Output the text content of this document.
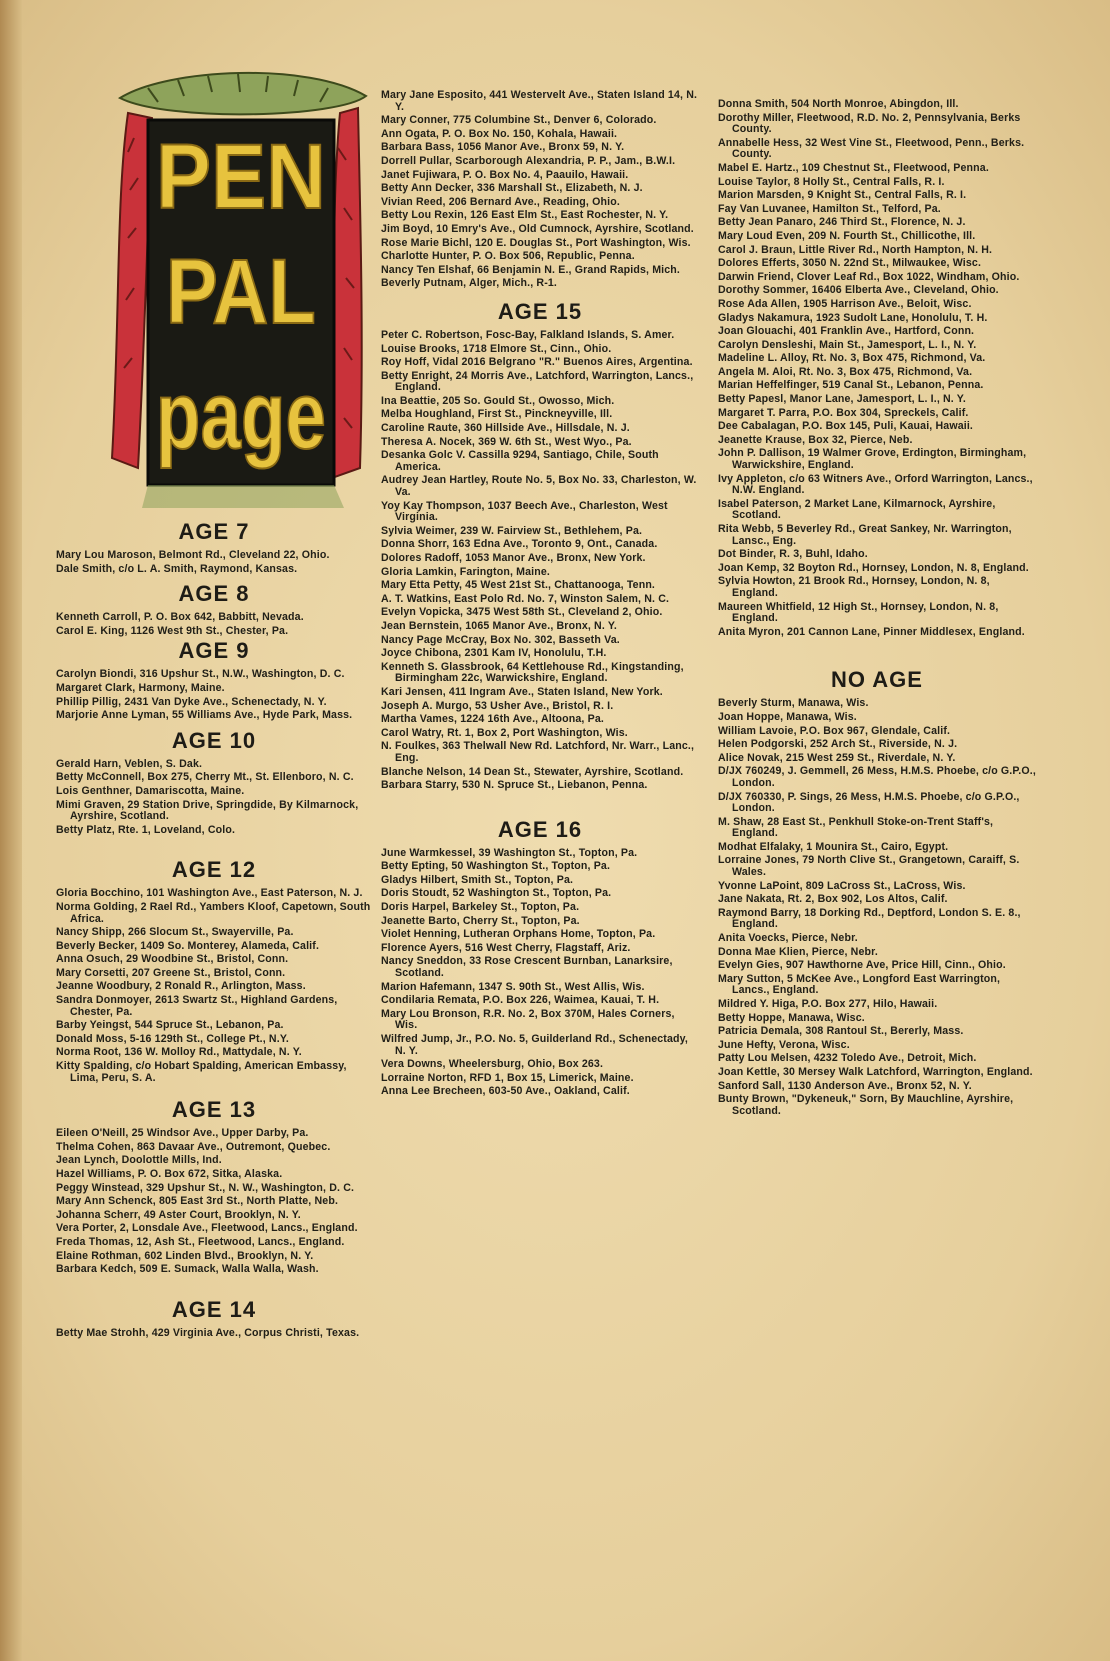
PEN
PAL
page
AGE 7
Mary Lou Maroson, Belmont Rd., Cleveland 22, Ohio.
Dale Smith, c/o L. A. Smith, Raymond, Kansas.
AGE 8
Kenneth Carroll, P. O. Box 642, Babbitt, Nevada.
Carol E. King, 1126 West 9th St., Chester, Pa.
AGE 9
Carolyn Biondi, 316 Upshur St., N.W., Washington, D. C.
Margaret Clark, Harmony, Maine.
Phillip Pillig, 2431 Van Dyke Ave., Schenectady, N. Y.
Marjorie Anne Lyman, 55 Williams Ave., Hyde Park, Mass.
AGE 10
Gerald Harn, Veblen, S. Dak.
Betty McConnell, Box 275, Cherry Mt., St. Ellenboro, N. C.
Lois Genthner, Damariscotta, Maine.
Mimi Graven, 29 Station Drive, Springdide, By Kilmarnock, Ayrshire, Scotland.
Betty Platz, Rte. 1, Loveland, Colo.
AGE 12
Gloria Bocchino, 101 Washington Ave., East Paterson, N. J.
Norma Golding, 2 Rael Rd., Yambers Kloof, Capetown, South Africa.
Nancy Shipp, 266 Slocum St., Swayerville, Pa.
Beverly Becker, 1409 So. Monterey, Alameda, Calif.
Anna Osuch, 29 Woodbine St., Bristol, Conn.
Mary Corsetti, 207 Greene St., Bristol, Conn.
Jeanne Woodbury, 2 Ronald R., Arlington, Mass.
Sandra Donmoyer, 2613 Swartz St., Highland Gardens, Chester, Pa.
Barby Yeingst, 544 Spruce St., Lebanon, Pa.
Donald Moss, 5-16 129th St., College Pt., N.Y.
Norma Root, 136 W. Molloy Rd., Mattydale, N. Y.
Kitty Spalding, c/o Hobart Spalding, American Embassy, Lima, Peru, S. A.
AGE 13
Eileen O'Neill, 25 Windsor Ave., Upper Darby, Pa.
Thelma Cohen, 863 Davaar Ave., Outremont, Quebec.
Jean Lynch, Doolottle Mills, Ind.
Hazel Williams, P. O. Box 672, Sitka, Alaska.
Peggy Winstead, 329 Upshur St., N. W., Washington, D. C.
Mary Ann Schenck, 805 East 3rd St., North Platte, Neb.
Johanna Scherr, 49 Aster Court, Brooklyn, N. Y.
Vera Porter, 2, Lonsdale Ave., Fleetwood, Lancs., England.
Freda Thomas, 12, Ash St., Fleetwood, Lancs., England.
Elaine Rothman, 602 Linden Blvd., Brooklyn, N. Y.
Barbara Kedch, 509 E. Sumack, Walla Walla, Wash.
AGE 14
Betty Mae Strohh, 429 Virginia Ave., Corpus Christi, Texas.
Mary Jane Esposito, 441 Westervelt Ave., Staten Island 14, N. Y.
Mary Conner, 775 Columbine St., Denver 6, Colorado.
Ann Ogata, P. O. Box No. 150, Kohala, Hawaii.
Barbara Bass, 1056 Manor Ave., Bronx 59, N. Y.
Dorrell Pullar, Scarborough Alexandria, P. P., Jam., B.W.I.
Janet Fujiwara, P. O. Box No. 4, Paauilo, Hawaii.
Betty Ann Decker, 336 Marshall St., Elizabeth, N. J.
Vivian Reed, 206 Bernard Ave., Reading, Ohio.
Betty Lou Rexin, 126 East Elm St., East Rochester, N. Y.
Jim Boyd, 10 Emry's Ave., Old Cumnock, Ayrshire, Scotland.
Rose Marie Bichl, 120 E. Douglas St., Port Washington, Wis.
Charlotte Hunter, P. O. Box 506, Republic, Penna.
Nancy Ten Elshaf, 66 Benjamin N. E., Grand Rapids, Mich.
Beverly Putnam, Alger, Mich., R-1.
AGE 15
Peter C. Robertson, Fosc-Bay, Falkland Islands, S. Amer.
Louise Brooks, 1718 Elmore St., Cinn., Ohio.
Roy Hoff, Vidal 2016 Belgrano "R." Buenos Aires, Argentina.
Betty Enright, 24 Morris Ave., Latchford, Warrington, Lancs., England.
Ina Beattie, 205 So. Gould St., Owosso, Mich.
Melba Houghland, First St., Pinckneyville, Ill.
Caroline Raute, 360 Hillside Ave., Hillsdale, N. J.
Theresa A. Nocek, 369 W. 6th St., West Wyo., Pa.
Desanka Golc V. Cassilla 9294, Santiago, Chile, South America.
Audrey Jean Hartley, Route No. 5, Box No. 33, Charleston, W. Va.
Yoy Kay Thompson, 1037 Beech Ave., Charleston, West Virginia.
Sylvia Weimer, 239 W. Fairview St., Bethlehem, Pa.
Donna Shorr, 163 Edna Ave., Toronto 9, Ont., Canada.
Dolores Radoff, 1053 Manor Ave., Bronx, New York.
Gloria Lamkin, Farington, Maine.
Mary Etta Petty, 45 West 21st St., Chattanooga, Tenn.
A. T. Watkins, East Polo Rd. No. 7, Winston Salem, N. C.
Evelyn Vopicka, 3475 West 58th St., Cleveland 2, Ohio.
Jean Bernstein, 1065 Manor Ave., Bronx, N. Y.
Nancy Page McCray, Box No. 302, Basseth Va.
Joyce Chibona, 2301 Kam IV, Honolulu, T.H.
Kenneth S. Glassbrook, 64 Kettlehouse Rd., Kingstanding, Birmingham 22c, Warwickshire, England.
Kari Jensen, 411 Ingram Ave., Staten Island, New York.
Joseph A. Murgo, 53 Usher Ave., Bristol, R. I.
Martha Vames, 1224 16th Ave., Altoona, Pa.
Carol Watry, Rt. 1, Box 2, Port Washington, Wis.
N. Foulkes, 363 Thelwall New Rd. Latchford, Nr. Warr., Lanc., Eng.
Blanche Nelson, 14 Dean St., Stewater, Ayrshire, Scotland.
Barbara Starry, 530 N. Spruce St., Liebanon, Penna.
AGE 16
June Warmkessel, 39 Washington St., Topton, Pa.
Betty Epting, 50 Washington St., Topton, Pa.
Gladys Hilbert, Smith St., Topton, Pa.
Doris Stoudt, 52 Washington St., Topton, Pa.
Doris Harpel, Barkeley St., Topton, Pa.
Jeanette Barto, Cherry St., Topton, Pa.
Violet Henning, Lutheran Orphans Home, Topton, Pa.
Florence Ayers, 516 West Cherry, Flagstaff, Ariz.
Nancy Sneddon, 33 Rose Crescent Burnban, Lanarksire, Scotland.
Marion Hafemann, 1347 S. 90th St., West Allis, Wis.
Condilaria Remata, P.O. Box 226, Waimea, Kauai, T. H.
Mary Lou Bronson, R.R. No. 2, Box 370M, Hales Corners, Wis.
Wilfred Jump, Jr., P.O. No. 5, Guilderland Rd., Schenectady, N. Y.
Vera Downs, Wheelersburg, Ohio, Box 263.
Lorraine Norton, RFD 1, Box 15, Limerick, Maine.
Anna Lee Brecheen, 603-50 Ave., Oakland, Calif.
Donna Smith, 504 North Monroe, Abingdon, Ill.
Dorothy Miller, Fleetwood, R.D. No. 2, Pennsylvania, Berks County.
Annabelle Hess, 32 West Vine St., Fleetwood, Penn., Berks. County.
Mabel E. Hartz., 109 Chestnut St., Fleetwood, Penna.
Louise Taylor, 8 Holly St., Central Falls, R. I.
Marion Marsden, 9 Knight St., Central Falls, R. I.
Fay Van Luvanee, Hamilton St., Telford, Pa.
Betty Jean Panaro, 246 Third St., Florence, N. J.
Mary Loud Even, 209 N. Fourth St., Chillicothe, Ill.
Carol J. Braun, Little River Rd., North Hampton, N. H.
Dolores Efferts, 3050 N. 22nd St., Milwaukee, Wisc.
Darwin Friend, Clover Leaf Rd., Box 1022, Windham, Ohio.
Dorothy Sommer, 16406 Elberta Ave., Cleveland, Ohio.
Rose Ada Allen, 1905 Harrison Ave., Beloit, Wisc.
Gladys Nakamura, 1923 Sudolt Lane, Honolulu, T. H.
Joan Glouachi, 401 Franklin Ave., Hartford, Conn.
Carolyn Densleshi, Main St., Jamesport, L. I., N. Y.
Madeline L. Alloy, Rt. No. 3, Box 475, Richmond, Va.
Angela M. Aloi, Rt. No. 3, Box 475, Richmond, Va.
Marian Heffelfinger, 519 Canal St., Lebanon, Penna.
Betty Papesl, Manor Lane, Jamesport, L. I., N. Y.
Margaret T. Parra, P.O. Box 304, Spreckels, Calif.
Dee Cabalagan, P.O. Box 145, Puli, Kauai, Hawaii.
Jeanette Krause, Box 32, Pierce, Neb.
John P. Dallison, 19 Walmer Grove, Erdington, Birmingham, Warwickshire, England.
Ivy Appleton, c/o 63 Witners Ave., Orford Warrington, Lancs., N.W. England.
Isabel Paterson, 2 Market Lane, Kilmarnock, Ayrshire, Scotland.
Rita Webb, 5 Beverley Rd., Great Sankey, Nr. Warrington, Lansc., Eng.
Dot Binder, R. 3, Buhl, Idaho.
Joan Kemp, 32 Boyton Rd., Hornsey, London, N. 8, England.
Sylvia Howton, 21 Brook Rd., Hornsey, London, N. 8, England.
Maureen Whitfield, 12 High St., Hornsey, London, N. 8, England.
Anita Myron, 201 Cannon Lane, Pinner Middlesex, England.
NO AGE
Beverly Sturm, Manawa, Wis.
Joan Hoppe, Manawa, Wis.
William Lavoie, P.O. Box 967, Glendale, Calif.
Helen Podgorski, 252 Arch St., Riverside, N. J.
Alice Novak, 215 West 259 St., Riverdale, N. Y.
D/JX 760249, J. Gemmell, 26 Mess, H.M.S. Phoebe, c/o G.P.O., London.
D/JX 760330, P. Sings, 26 Mess, H.M.S. Phoebe, c/o G.P.O., London.
M. Shaw, 28 East St., Penkhull Stoke-on-Trent Staff's, England.
Modhat Elfalaky, 1 Mounira St., Cairo, Egypt.
Lorraine Jones, 79 North Clive St., Grangetown, Caraiff, S. Wales.
Yvonne LaPoint, 809 LaCross St., LaCross, Wis.
Jane Nakata, Rt. 2, Box 902, Los Altos, Calif.
Raymond Barry, 18 Dorking Rd., Deptford, London S. E. 8., England.
Anita Voecks, Pierce, Nebr.
Donna Mae Klien, Pierce, Nebr.
Evelyn Gies, 907 Hawthorne Ave, Price Hill, Cinn., Ohio.
Mary Sutton, 5 McKee Ave., Longford East Warrington, Lancs., England.
Mildred Y. Higa, P.O. Box 277, Hilo, Hawaii.
Betty Hoppe, Manawa, Wisc.
Patricia Demala, 308 Rantoul St., Bererly, Mass.
June Hefty, Verona, Wisc.
Patty Lou Melsen, 4232 Toledo Ave., Detroit, Mich.
Joan Kettle, 30 Mersey Walk Latchford, Warrington, England.
Sanford Sall, 1130 Anderson Ave., Bronx 52, N. Y.
Bunty Brown, "Dykeneuk," Sorn, By Mauchline, Ayrshire, Scotland.
